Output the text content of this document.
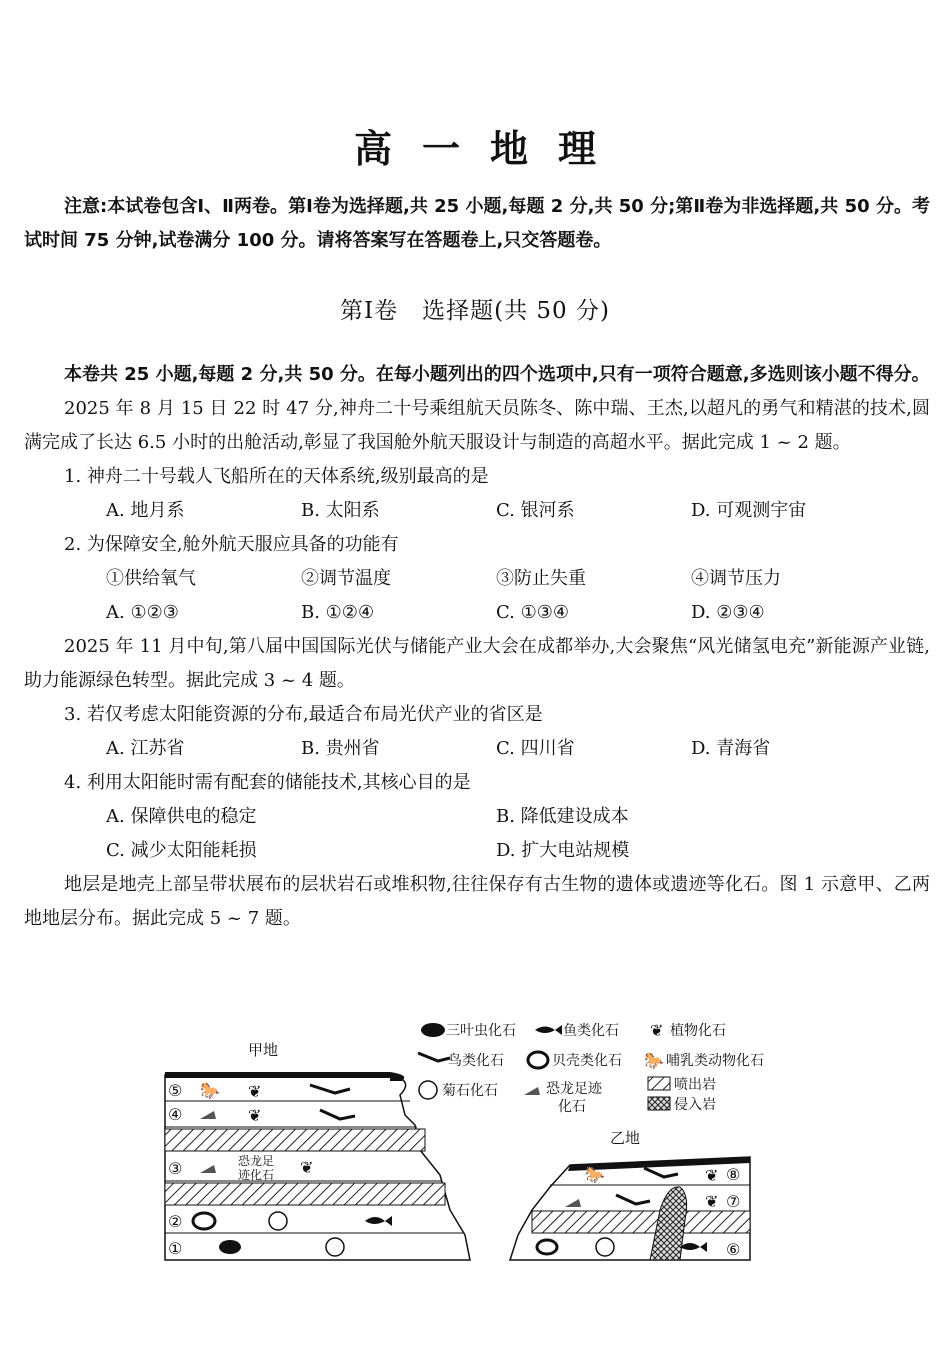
高一地理
注意:本试卷包含Ⅰ、Ⅱ两卷。第Ⅰ卷为选择题,共 25 小题,每题 2 分,共 50 分;第Ⅱ卷为非选择题,共 50 分。考试时间 75 分钟,试卷满分 100 分。请将答案写在答题卷上,只交答题卷。
第Ⅰ卷　选择题(共 50 分)
本卷共 25 小题,每题 2 分,共 50 分。在每小题列出的四个选项中,只有一项符合题意,多选则该小题不得分。
2025 年 8 月 15 日 22 时 47 分,神舟二十号乘组航天员陈冬、陈中瑞、王杰,以超凡的勇气和精湛的技术,圆满完成了长达 6.5 小时的出舱活动,彰显了我国舱外航天服设计与制造的高超水平。据此完成 1 ~ 2 题。
1. 神舟二十号载人飞船所在的天体系统,级别最高的是
A. 地月系	B. 太阳系	C. 银河系	D. 可观测宇宙
2. 为保障安全,舱外航天服应具备的功能有
①供给氧气	②调节温度	③防止失重	④调节压力
A. ①②③	B. ①②④	C. ①③④	D. ②③④
2025 年 11 月中旬,第八届中国国际光伏与储能产业大会在成都举办,大会聚焦“风光储氢电充”新能源产业链,助力能源绿色转型。据此完成 3 ~ 4 题。
3. 若仅考虑太阳能资源的分布,最适合布局光伏产业的省区是
A. 江苏省	B. 贵州省	C. 四川省	D. 青海省
4. 利用太阳能时需有配套的储能技术,其核心目的是
A. 保障供电的稳定	B. 降低建设成本
C. 减少太阳能耗损	D. 扩大电站规模
地层是地壳上部呈带状展布的层状岩石或堆积物,往往保存有古生物的遗体或遗迹等化石。图 1 示意甲、乙两地地层分布。据此完成 5 ~ 7 题。
甲地
⑤
④
③
②
①
🐎 ❦
❦
恐龙足
迹化石 ❦
三叶虫化石	鱼类化石 ❦ 植物化石
鸟类化石	贝壳类化石 🐎 哺乳类动物化石
菊石化石	恐龙足迹
化石
喷出岩
侵入岩
乙地
🐎	❦
❦
⑧
⑦
⑥
